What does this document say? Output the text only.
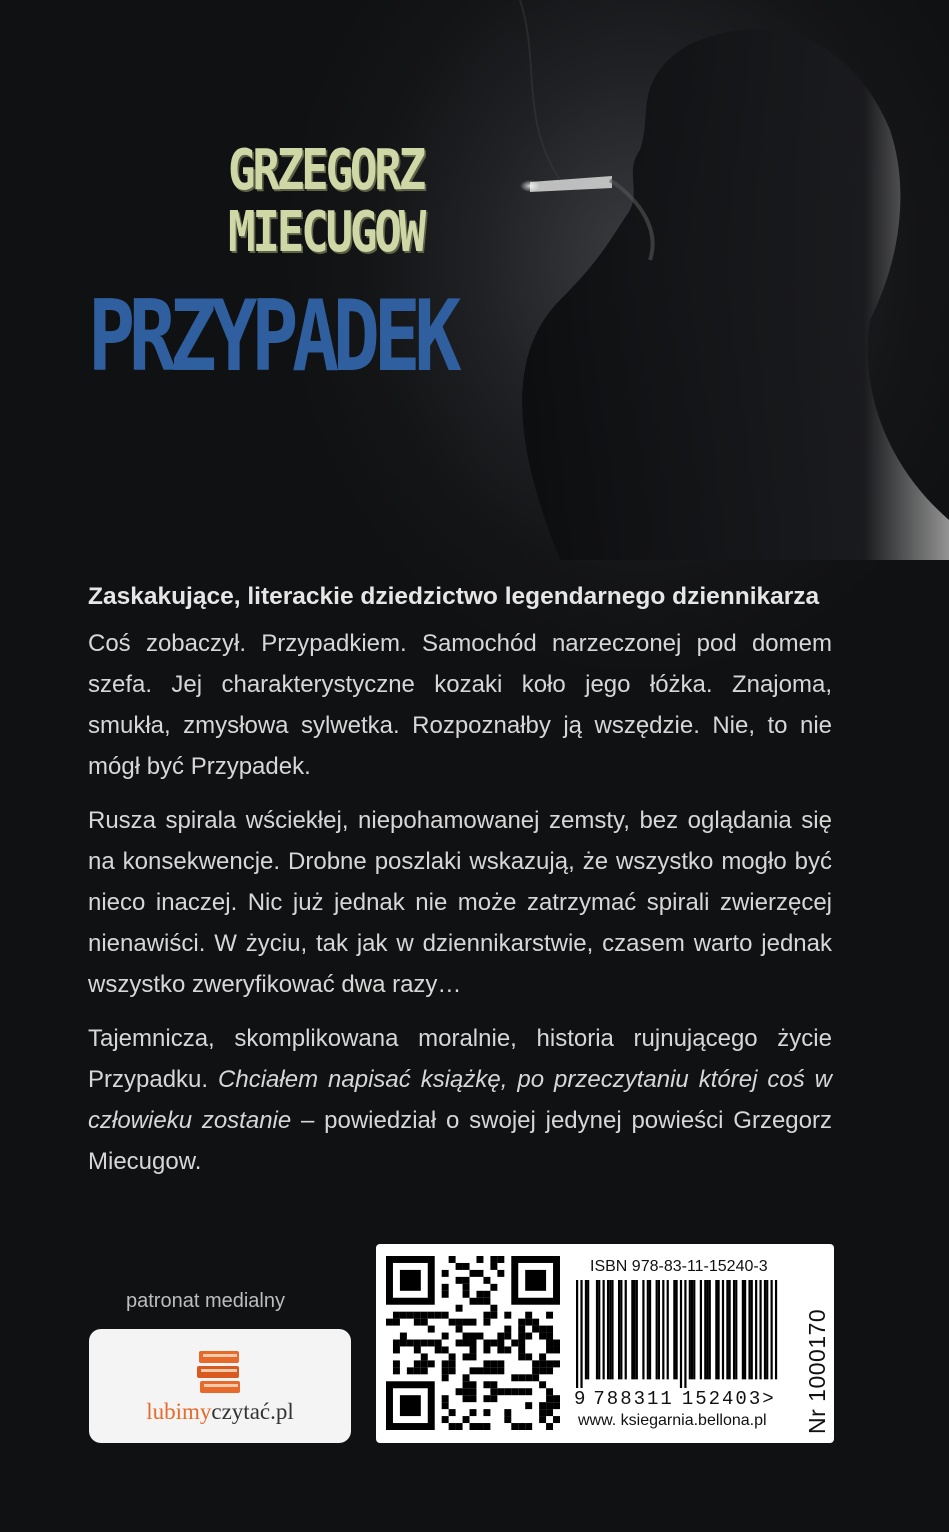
GRZEGORZ
MIECUGOW
PRZYPADEK
Zaskakujące, literackie dziedzictwo legendarnego dziennikarza

Coś zobaczył. Przypadkiem. Samochód narzeczonej pod domem szefa. Jej charakterystyczne kozaki koło jego łóżka. Znajoma, smukła, zmysłowa sylwetka. Rozpoznałby ją wszędzie. Nie, to nie mógł być Przypadek.

Rusza spirala wściekłej, niepohamowanej zemsty, bez oglądania się na konsekwencje. Drobne poszlaki wskazują, że wszystko mogło być nieco inaczej. Nic już jednak nie może zatrzymać spirali zwierzęcej nienawiści. W życiu, tak jak w dziennikarstwie, czasem warto jednak wszystko zweryfikować dwa razy…

Tajemnicza, skomplikowana moralnie, historia rujnującego życie Przypadku. Chciałem napisać książkę, po przeczytaniu której coś w człowieku zostanie – powiedział o swojej jedynej powieści Grzegorz Miecugow.

patronat medialny
lubimyczytać.pl
ISBN 978-83-11-15240-3
9 788311 152403 >
www. ksiegarnia.bellona.pl Nr 1000170
